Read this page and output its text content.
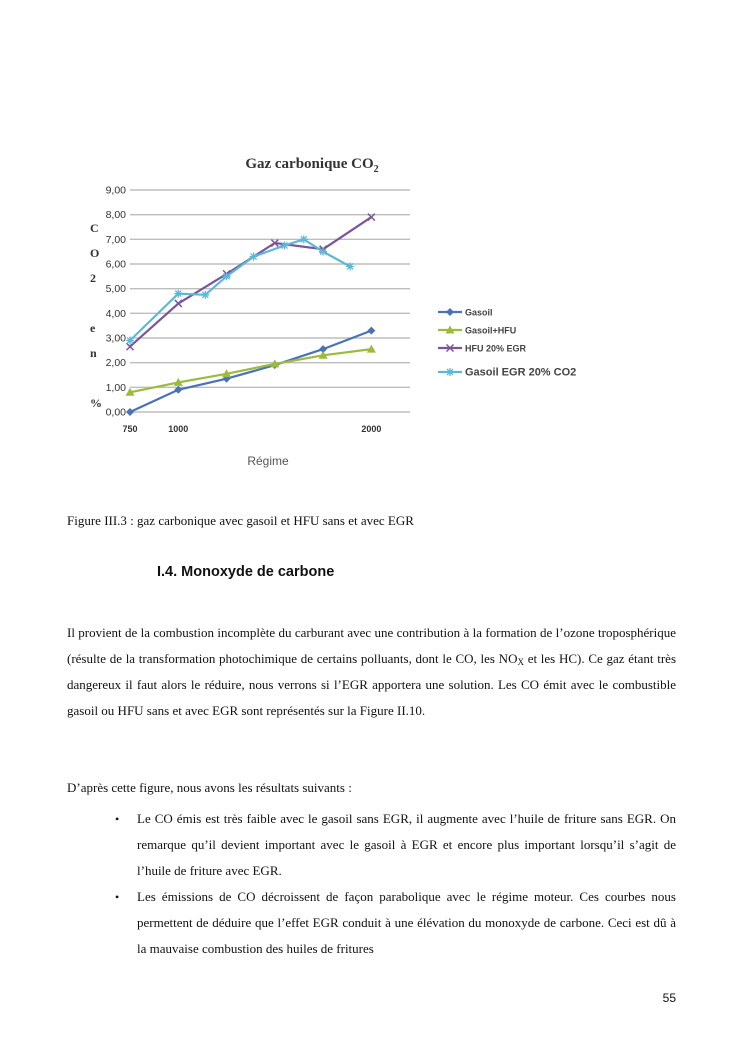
Gaz carbonique $CO_2$
0,00
1,00
2,00
3,00
4,00
5,00
6,00
7,00
8,00
9,00
750	1000	2000
C
O
2
e
n
%
Régime
Gasoil
Gasoil+HFU
HFU 20% EGR
Gasoil EGR 20% CO2
Figure III.3 : gaz carbonique avec gasoil et HFU sans et avec EGR
I.4. Monoxyde de carbone

Il provient de la combustion incomplète du carburant avec une contribution à la formation de l’ozone troposphérique (résulte de la transformation photochimique de certains polluants, dont le CO, les $NO_X$ et les HC). Ce gaz étant très dangereux il faut alors le réduire, nous verrons si l’EGR apportera une solution. Les CO émit avec le combustible gasoil ou HFU sans et avec EGR sont représentés sur la Figure II.10.

D’après cette figure, nous avons les résultats suivants :

• Le CO émis est très faible avec le gasoil sans EGR, il augmente avec l’huile de friture sans EGR. On remarque qu’il devient important avec le gasoil à EGR et encore plus important lorsqu’il s’agit de l’huile de friture avec EGR.
• Les émissions de CO décroissent de façon parabolique avec le régime moteur. Ces courbes nous permettent de déduire que l’effet EGR conduit à une élévation du monoxyde de carbone. Ceci est dû à la mauvaise combustion des huiles de fritures
55
